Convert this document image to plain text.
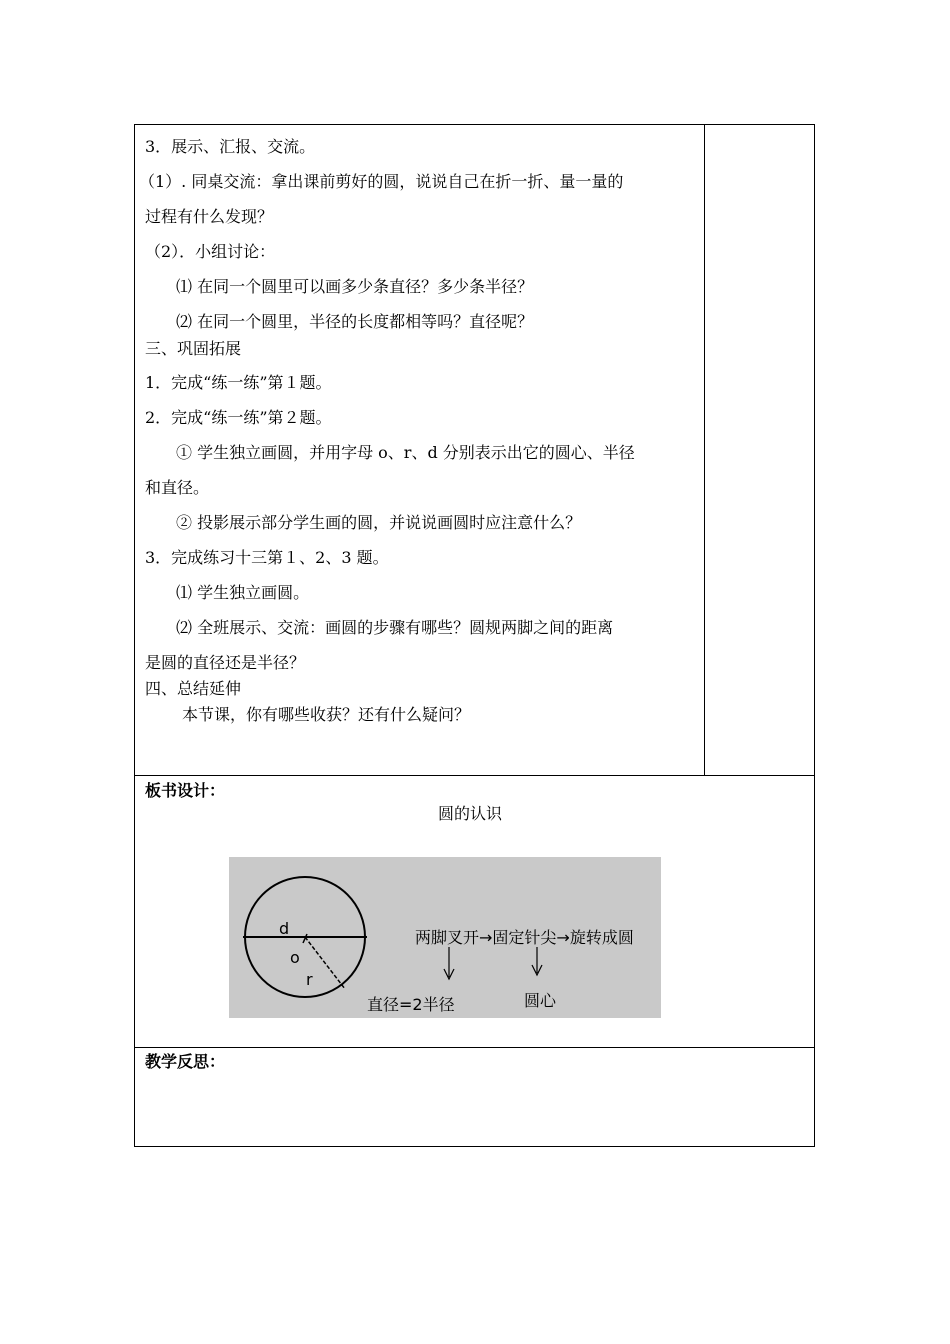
3．展示、汇报、交流。
（1）. 同桌交流：拿出课前剪好的圆，说说自己在折一折、量一量的
过程有什么发现？
（2）．小组讨论：
⑴ 在同一个圆里可以画多少条直径？多少条半径？
⑵ 在同一个圆里，半径的长度都相等吗？直径呢？
三、巩固拓展
1．完成“练一练”第１题。
2．完成“练一练”第２题。
① 学生独立画圆，并用字母 o、r、d 分别表示出它的圆心、半径
和直径。
② 投影展示部分学生画的圆，并说说画圆时应注意什么？
3．完成练习十三第１、2、3 题。
⑴ 学生独立画圆。
⑵ 全班展示、交流：画圆的步骤有哪些？圆规两脚之间的距离
是圆的直径还是半径？
四、总结延伸
本节课，你有哪些收获？还有什么疑问？
板书设计：
圆的认识
d
o
r
两脚叉开→固定针尖→旋转成圆
直径=2半径	圆心
教学反思：
